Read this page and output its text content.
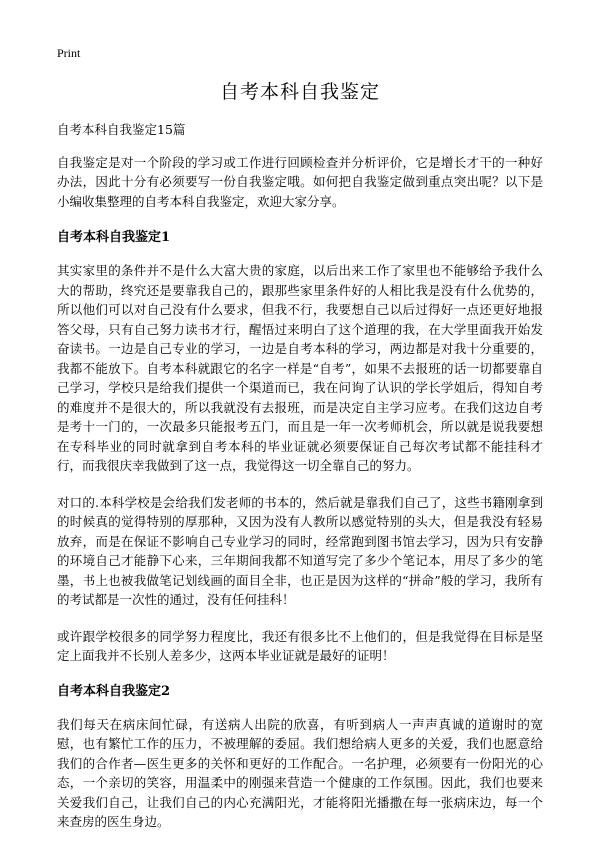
Print
自考本科自我鉴定

自考本科自我鉴定15篇

自我鉴定是对一个阶段的学习或工作进行回顾检查并分析评价，它是增长才干的一种好办法，因此十分有必须要写一份自我鉴定哦。如何把自我鉴定做到重点突出呢？以下是小编收集整理的自考本科自我鉴定，欢迎大家分享。

自考本科自我鉴定1

其实家里的条件并不是什么大富大贵的家庭，以后出来工作了家里也不能够给予我什么大的帮助，终究还是要靠我自己的，跟那些家里条件好的人相比我是没有什么优势的，所以他们可以对自己没有什么要求，但我不行，我要想自己以后过得好一点还更好地报答父母，只有自己努力读书才行，醒悟过来明白了这个道理的我，在大学里面我开始发奋读书。一边是自己专业的学习，一边是自考本科的学习，两边都是对我十分重要的，我都不能放下。自考本科就跟它的名字一样是“自考”，如果不去报班的话一切都要靠自己学习，学校只是给我们提供一个渠道而已，我在问询了认识的学长学姐后，得知自考的难度并不是很大的，所以我就没有去报班，而是决定自主学习应考。在我们这边自考是考十一门的，一次最多只能报考五门，而且是一年一次考师机会，所以就是说我要想在专科毕业的同时就拿到自考本科的毕业证就必须要保证自己每次考试都不能挂科才行，而我很庆幸我做到了这一点，我觉得这一切全靠自己的努力。

对口的.本科学校是会给我们发老师的书本的，然后就是靠我们自己了，这些书籍刚拿到的时候真的觉得特别的厚那种，又因为没有人教所以感觉特别的头大，但是我没有轻易放弃，而是在保证不影响自己专业学习的同时，经常跑到图书馆去学习，因为只有安静的环境自己才能静下心来，三年期间我都不知道写完了多少个笔记本，用尽了多少的笔墨，书上也被我做笔记划线画的面目全非，也正是因为这样的“拼命”般的学习，我所有的考试都是一次性的通过，没有任何挂科！

或许跟学校很多的同学努力程度比，我还有很多比不上他们的，但是我觉得在目标是坚定上面我并不长别人差多少，这两本毕业证就是最好的证明！

自考本科自我鉴定2

我们每天在病床间忙碌，有送病人出院的欣喜，有听到病人一声声真诚的道谢时的宽慰，也有繁忙工作的压力，不被理解的委屈。我们想给病人更多的关爱，我们也愿意给我们的合作者—医生更多的关怀和更好的工作配合。一名护理，必须要有一份阳光的心态，一个亲切的笑容，用温柔中的刚强来营造一个健康的工作氛围。因此，我们也要来关爱我们自己，让我们自己的内心充满阳光，才能将阳光播撒在每一张病床边，每一个来查房的医生身边。
